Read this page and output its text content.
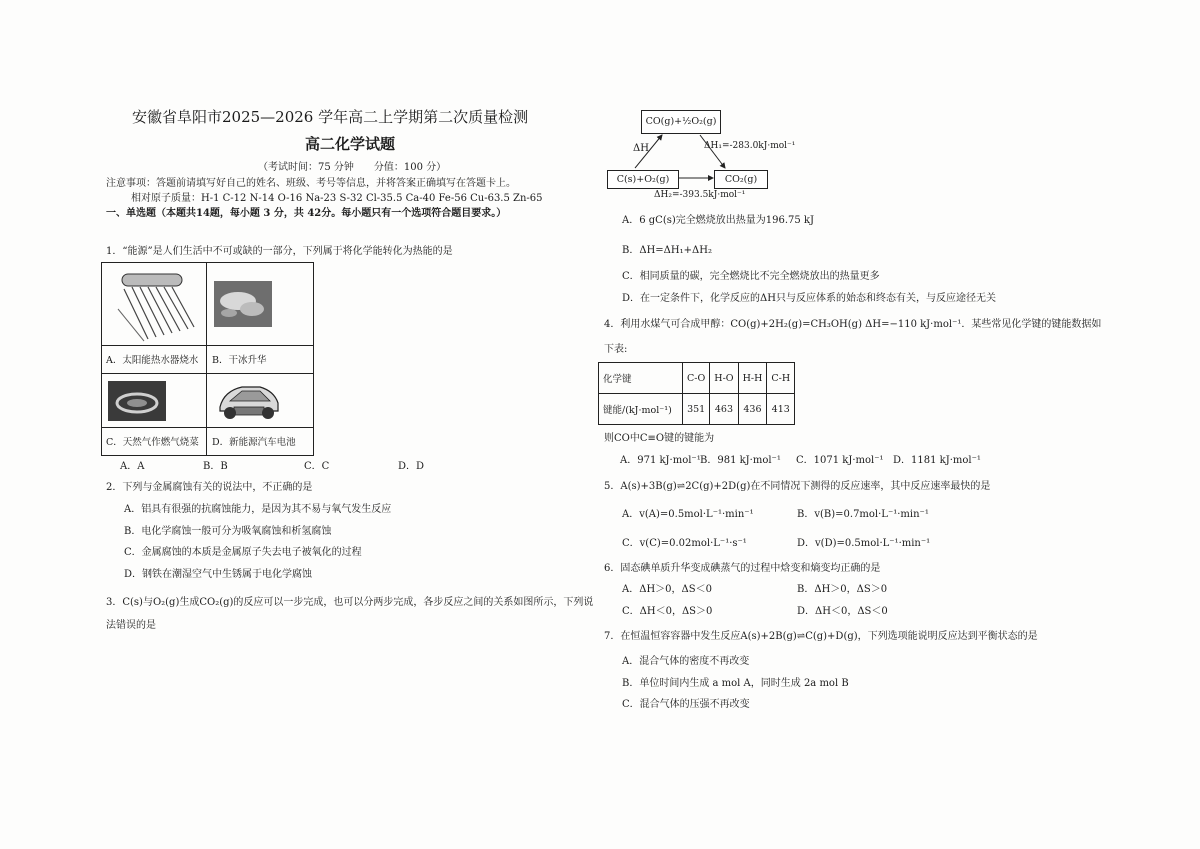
安徽省阜阳市2025—2026 学年高二上学期第二次质量检测
高二化学试题
（考试时间：75 分钟　　分值：100 分）
注意事项：答题前请填写好自己的姓名、班级、考号等信息，并将答案正确填写在答题卡上。
相对原子质量：H-1 C-12 N-14 O-16 Na-23 S-32 Cl-35.5 Ca-40 Fe-56 Cu-63.5 Zn-65
一、单选题（本题共14题，每小题 3 分，共 42分。每小题只有一个选项符合题目要求。）
1．“能源”是人们生活中不可或缺的一部分，下列属于将化学能转化为热能的是
A．太阳能热水器烧水 B．干冰升华
C．天然气作燃气烧菜 D．新能源汽车电池
A．A	B．B	C．C	D．D
2．下列与金属腐蚀有关的说法中，不正确的是
A．铝具有很强的抗腐蚀能力，是因为其不易与氧气发生反应
B．电化学腐蚀一般可分为吸氧腐蚀和析氢腐蚀
C．金属腐蚀的本质是金属原子失去电子被氧化的过程
D．钢铁在潮湿空气中生锈属于电化学腐蚀
3．C(s)与O₂(g)生成CO₂(g)的反应可以一步完成，也可以分两步完成，各步反应之间的关系如图所示，下列说
法错误的是
CO(g)+½O₂(g)
C(s)+O₂(g)	CO₂(g)
ΔH	ΔH₁=-283.0kJ·mol⁻¹
ΔH₂=-393.5kJ·mol⁻¹
A．6 gC(s)完全燃烧放出热量为196.75 kJ
B．ΔH=ΔH₁+ΔH₂
C．相同质量的碳，完全燃烧比不完全燃烧放出的热量更多
D．在一定条件下，化学反应的ΔH只与反应体系的始态和终态有关，与反应途径无关
4．利用水煤气可合成甲醇：CO(g)+2H₂(g)=CH₃OH(g) ΔH=−110 kJ·mol⁻¹．某些常见化学键的键能数据如
下表:
化学键	C-O	H-O	H-H	C-H
键能/(kJ·mol⁻¹)	351	463	436	413
则CO中C≡O键的键能为
A．971 kJ·mol⁻¹ B．981 kJ·mol⁻¹ C．1071 kJ·mol⁻¹ D．1181 kJ·mol⁻¹
5．A(s)+3B(g)⇌2C(g)+2D(g)在不同情况下测得的反应速率，其中反应速率最快的是
A．v(A)=0.5mol·L⁻¹·min⁻¹	B．v(B)=0.7mol·L⁻¹·min⁻¹
C．v(C)=0.02mol·L⁻¹·s⁻¹	D．v(D)=0.5mol·L⁻¹·min⁻¹
6．固态碘单质升华变成碘蒸气的过程中焓变和熵变均正确的是
A．ΔH＞0，ΔS＜0	B．ΔH＞0，ΔS＞0
C．ΔH＜0，ΔS＞0	D．ΔH＜0，ΔS＜0
7．在恒温恒容容器中发生反应A(s)+2B(g)⇌C(g)+D(g)，下列选项能说明反应达到平衡状态的是
A．混合气体的密度不再改变
B．单位时间内生成 a mol A，同时生成 2a mol B
C．混合气体的压强不再改变
